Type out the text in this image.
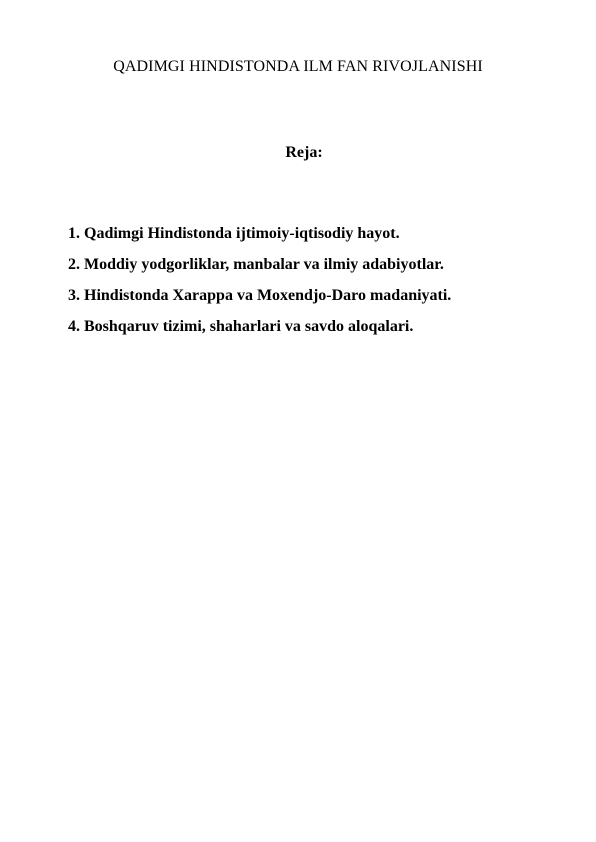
QADIMGI HINDISTONDA ILM FAN RIVOJLANISHI
Reja:
1. Qadimgi Hindistonda ijtimoiy-iqtisodiy hayot.
2. Moddiy yodgorliklar, manbalar va ilmiy adabiyotlar.
3. Hindistonda Xarappa va Moxendjo-Daro madaniyati.
4. Boshqaruv tizimi, shaharlari va savdo aloqalari.
